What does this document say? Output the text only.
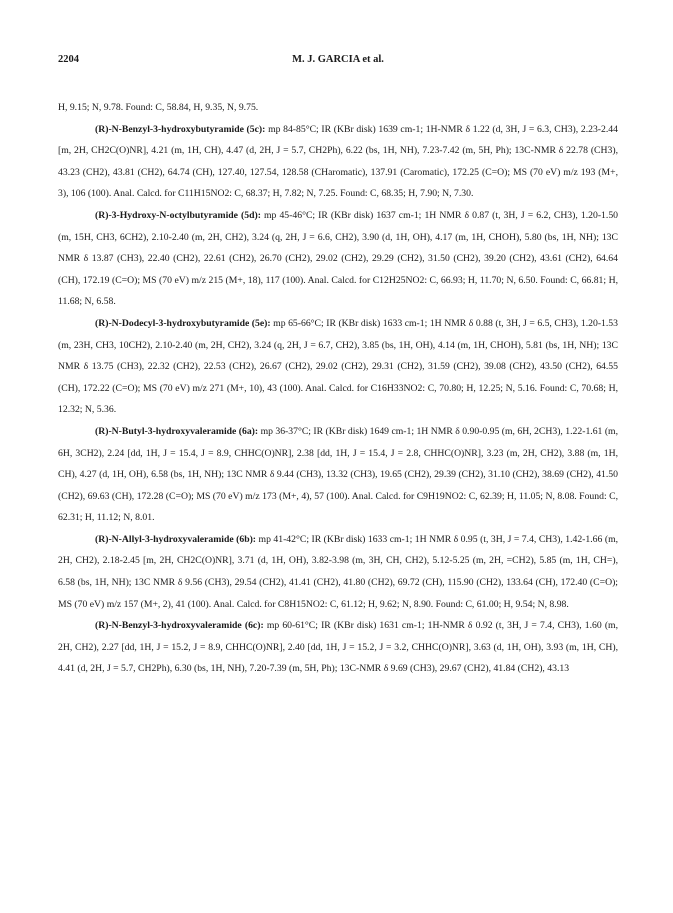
2204	M. J. GARCIA et al.

H, 9.15; N, 9.78. Found: C, 58.84, H, 9.35, N, 9.75.

(R)-N-Benzyl-3-hydroxybutyramide (5c): mp 84-85°C; IR (KBr disk) 1639 cm-1; 1H-NMR δ 1.22 (d, 3H, J = 6.3, CH3), 2.23-2.44 [m, 2H, CH2C(O)NR], 4.21 (m, 1H, CH), 4.47 (d, 2H, J = 5.7, CH2Ph), 6.22 (bs, 1H, NH), 7.23-7.42 (m, 5H, Ph); 13C-NMR δ 22.78 (CH3), 43.23 (CH2), 43.81 (CH2), 64.74 (CH), 127.40, 127.54, 128.58 (CHaromatic), 137.91 (Caromatic), 172.25 (C=O); MS (70 eV) m/z 193 (M+, 3), 106 (100). Anal. Calcd. for C11H15NO2: C, 68.37; H, 7.82; N, 7.25. Found: C, 68.35; H, 7.90; N, 7.30.

(R)-3-Hydroxy-N-octylbutyramide (5d): mp 45-46°C; IR (KBr disk) 1637 cm-1; 1H NMR δ 0.87 (t, 3H, J = 6.2, CH3), 1.20-1.50 (m, 15H, CH3, 6CH2), 2.10-2.40 (m, 2H, CH2), 3.24 (q, 2H, J = 6.6, CH2), 3.90 (d, 1H, OH), 4.17 (m, 1H, CHOH), 5.80 (bs, 1H, NH); 13C NMR δ 13.87 (CH3), 22.40 (CH2), 22.61 (CH2), 26.70 (CH2), 29.02 (CH2), 29.29 (CH2), 31.50 (CH2), 39.20 (CH2), 43.61 (CH2), 64.64 (CH), 172.19 (C=O); MS (70 eV) m/z 215 (M+, 18), 117 (100). Anal. Calcd. for C12H25NO2: C, 66.93; H, 11.70; N, 6.50. Found: C, 66.81; H, 11.68; N, 6.58.

(R)-N-Dodecyl-3-hydroxybutyramide (5e): mp 65-66°C; IR (KBr disk) 1633 cm-1; 1H NMR δ 0.88 (t, 3H, J = 6.5, CH3), 1.20-1.53 (m, 23H, CH3, 10CH2), 2.10-2.40 (m, 2H, CH2), 3.24 (q, 2H, J = 6.7, CH2), 3.85 (bs, 1H, OH), 4.14 (m, 1H, CHOH), 5.81 (bs, 1H, NH); 13C NMR δ 13.75 (CH3), 22.32 (CH2), 22.53 (CH2), 26.67 (CH2), 29.02 (CH2), 29.31 (CH2), 31.59 (CH2), 39.08 (CH2), 43.50 (CH2), 64.55 (CH), 172.22 (C=O); MS (70 eV) m/z 271 (M+, 10), 43 (100). Anal. Calcd. for C16H33NO2: C, 70.80; H, 12.25; N, 5.16. Found: C, 70.68; H, 12.32; N, 5.36.

(R)-N-Butyl-3-hydroxyvaleramide (6a): mp 36-37°C; IR (KBr disk) 1649 cm-1; 1H NMR δ 0.90-0.95 (m, 6H, 2CH3), 1.22-1.61 (m, 6H, 3CH2), 2.24 [dd, 1H, J = 15.4, J = 8.9, CHHC(O)NR], 2.38 [dd, 1H, J = 15.4, J = 2.8, CHHC(O)NR], 3.23 (m, 2H, CH2), 3.88 (m, 1H, CH), 4.27 (d, 1H, OH), 6.58 (bs, 1H, NH); 13C NMR δ 9.44 (CH3), 13.32 (CH3), 19.65 (CH2), 29.39 (CH2), 31.10 (CH2), 38.69 (CH2), 41.50 (CH2), 69.63 (CH), 172.28 (C=O); MS (70 eV) m/z 173 (M+, 4), 57 (100). Anal. Calcd. for C9H19NO2: C, 62.39; H, 11.05; N, 8.08. Found: C, 62.31; H, 11.12; N, 8.01.

(R)-N-Allyl-3-hydroxyvaleramide (6b): mp 41-42°C; IR (KBr disk) 1633 cm-1; 1H NMR δ 0.95 (t, 3H, J = 7.4, CH3), 1.42-1.66 (m, 2H, CH2), 2.18-2.45 [m, 2H, CH2C(O)NR], 3.71 (d, 1H, OH), 3.82-3.98 (m, 3H, CH, CH2), 5.12-5.25 (m, 2H, =CH2), 5.85 (m, 1H, CH=), 6.58 (bs, 1H, NH); 13C NMR δ 9.56 (CH3), 29.54 (CH2), 41.41 (CH2), 41.80 (CH2), 69.72 (CH), 115.90 (CH2), 133.64 (CH), 172.40 (C=O); MS (70 eV) m/z 157 (M+, 2), 41 (100). Anal. Calcd. for C8H15NO2: C, 61.12; H, 9.62; N, 8.90. Found: C, 61.00; H, 9.54; N, 8.98.

(R)-N-Benzyl-3-hydroxyvaleramide (6c): mp 60-61°C; IR (KBr disk) 1631 cm-1; 1H-NMR δ 0.92 (t, 3H, J = 7.4, CH3), 1.60 (m, 2H, CH2), 2.27 [dd, 1H, J = 15.2, J = 8.9, CHHC(O)NR], 2.40 [dd, 1H, J = 15.2, J = 3.2, CHHC(O)NR], 3.63 (d, 1H, OH), 3.93 (m, 1H, CH), 4.41 (d, 2H, J = 5.7, CH2Ph), 6.30 (bs, 1H, NH), 7.20-7.39 (m, 5H, Ph); 13C-NMR δ 9.69 (CH3), 29.67 (CH2), 41.84 (CH2), 43.13
